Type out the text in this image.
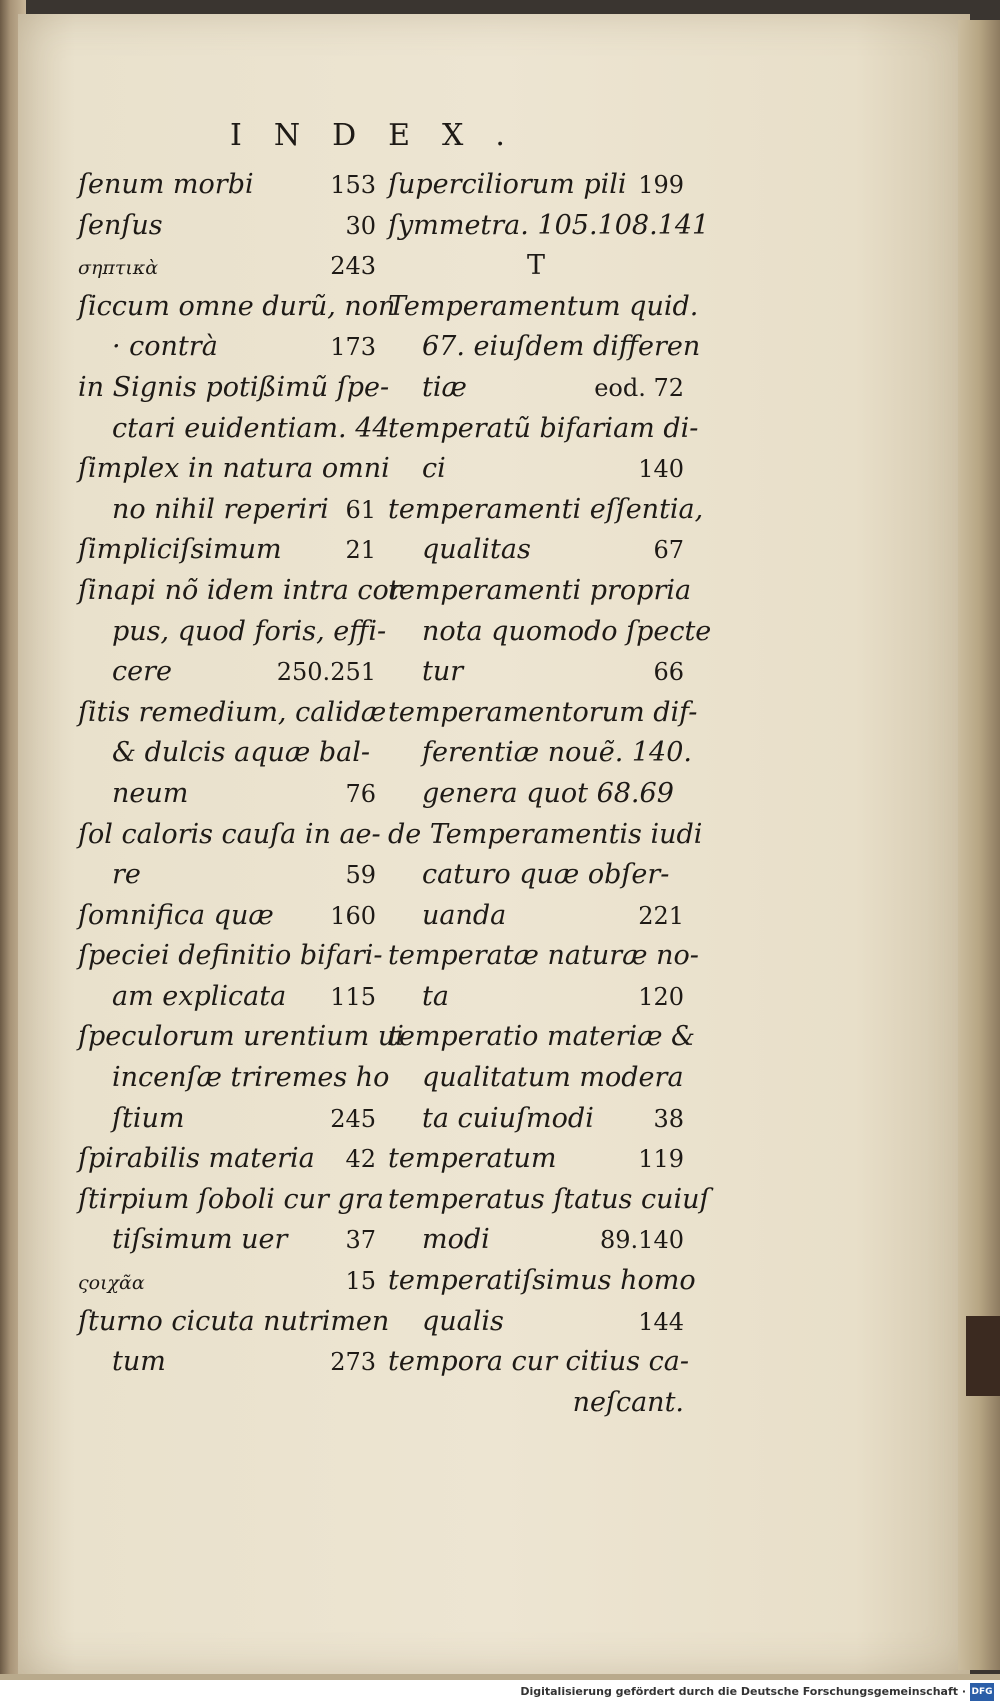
INDEX.
ſenum morbi	153
ſenſus	30
σηπτικὰ	243
ſiccum omne durũ, non
· contrà	173
in Signis potißimũ ſpe-
ctari euidentiam. 44
ſimplex in natura omni
no nihil reperiri 61
ſimpliciſsimum	21
ſinapi nõ idem intra cor
pus, quod foris, effi-
cere	250.251
ſitis remedium, calidæ
& dulcis aquæ bal-
neum	76
ſol caloris cauſa in ae-
re	59
ſomnifica quæ 160
ſpeciei definitio bifari-
am explicata 115
ſpeculorum urentium ui
incenſæ triremes ho
ſtium	245
ſpirabilis materia 42
ſtirpium ſoboli cur gra
tiſsimum uer 37
ςοιχᾶα	15
ſturno cicuta nutrimen
tum	273
ſuperciliorum pili 199
ſymmetra. 105.108.141
T
Temperamentum quid.
67. eiuſdem differen
tiæ	eod. 72
temperatũ bifariam di-
ci	140
temperamenti eſſentia,
qualitas	67
temperamenti propria
nota quomodo ſpecte
tur	66
temperamentorum dif-
ferentiæ nouẽ. 140.
genera quot 68.69
de Temperamentis iudi
caturo quæ obſer-
uanda	221
temperatæ naturæ no-
ta	120
temperatio materiæ &
qualitatum modera
ta cuiuſmodi 38
temperatum	119
temperatus ſtatus cuiuſ
modi	89.140
temperatiſsimus homo
qualis	144
tempora cur citius ca-
neſcant.
Digitalisierung gefördert durch die Deutsche Forschungsgemeinschaft · DFG
